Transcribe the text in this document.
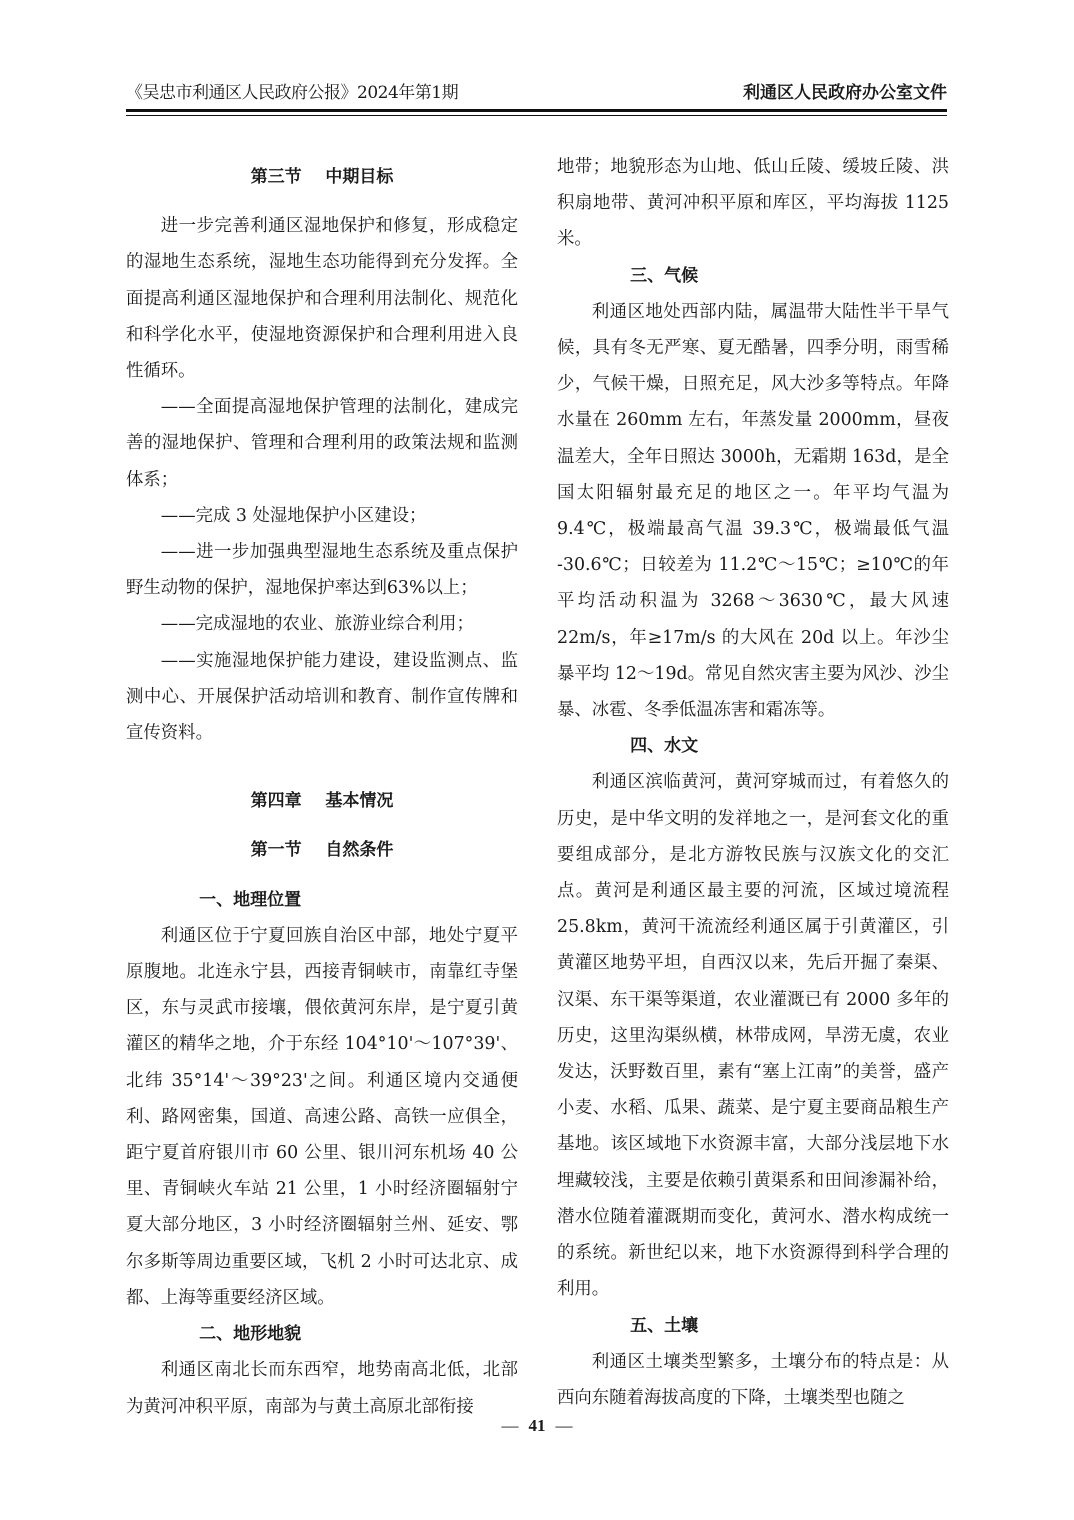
《吴忠市利通区人民政府公报》2024年第1期	利通区人民政府办公室文件

第三节    中期目标

进一步完善利通区湿地保护和修复，形成稳定的湿地生态系统，湿地生态功能得到充分发挥。全面提高利通区湿地保护和合理利用法制化、规范化和科学化水平，使湿地资源保护和合理利用进入良性循环。

——全面提高湿地保护管理的法制化，建成完善的湿地保护、管理和合理利用的政策法规和监测体系；

——完成 3 处湿地保护小区建设；

——进一步加强典型湿地生态系统及重点保护野生动物的保护，湿地保护率达到63%以上；

——完成湿地的农业、旅游业综合利用；

——实施湿地保护能力建设，建设监测点、监测中心、开展保护活动培训和教育、制作宣传牌和宣传资料。

第四章    基本情况

第一节    自然条件

一、地理位置

利通区位于宁夏回族自治区中部，地处宁夏平原腹地。北连永宁县，西接青铜峡市，南靠红寺堡区，东与灵武市接壤，偎依黄河东岸，是宁夏引黄灌区的精华之地，介于东经 104°10'～107°39'、北纬 35°14'～39°23'之间。利通区境内交通便利、路网密集，国道、高速公路、高铁一应俱全，距宁夏首府银川市 60 公里、银川河东机场 40 公里、青铜峡火车站 21 公里，1 小时经济圈辐射宁夏大部分地区，3 小时经济圈辐射兰州、延安、鄂尔多斯等周边重要区域，飞机 2 小时可达北京、成都、上海等重要经济区域。

二、地形地貌

利通区南北长而东西窄，地势南高北低，北部为黄河冲积平原，南部为与黄土高原北部衔接

地带；地貌形态为山地、低山丘陵、缓坡丘陵、洪积扇地带、黄河冲积平原和库区，平均海拔 1125 米。

三、气候

利通区地处西部内陆，属温带大陆性半干旱气候，具有冬无严寒、夏无酷暑，四季分明，雨雪稀少，气候干燥，日照充足，风大沙多等特点。年降水量在 260mm 左右，年蒸发量 2000mm，昼夜温差大，全年日照达 3000h，无霜期 163d，是全国太阳辐射最充足的地区之一。年平均气温为 9.4℃，极端最高气温 39.3℃，极端最低气温 -30.6℃；日较差为 11.2℃～15℃；≥10℃的年平均活动积温为 3268～3630℃，最大风速 22m/s，年≥17m/s 的大风在 20d 以上。年沙尘暴平均 12～19d。常见自然灾害主要为风沙、沙尘暴、冰雹、冬季低温冻害和霜冻等。

四、水文

利通区滨临黄河，黄河穿城而过，有着悠久的历史，是中华文明的发祥地之一，是河套文化的重要组成部分，是北方游牧民族与汉族文化的交汇点。黄河是利通区最主要的河流，区域过境流程 25.8km，黄河干流流经利通区属于引黄灌区，引黄灌区地势平坦，自西汉以来，先后开掘了秦渠、汉渠、东干渠等渠道，农业灌溉已有 2000 多年的历史，这里沟渠纵横，林带成网，旱涝无虞，农业发达，沃野数百里，素有“塞上江南”的美誉，盛产小麦、水稻、瓜果、蔬菜、是宁夏主要商品粮生产基地。该区域地下水资源丰富，大部分浅层地下水埋藏较浅，主要是依赖引黄渠系和田间渗漏补给，潜水位随着灌溉期而变化，黄河水、潜水构成统一的系统。新世纪以来，地下水资源得到科学合理的利用。

五、土壤

利通区土壤类型繁多，土壤分布的特点是：从西向东随着海拔高度的下降，土壤类型也随之

— 41 —
